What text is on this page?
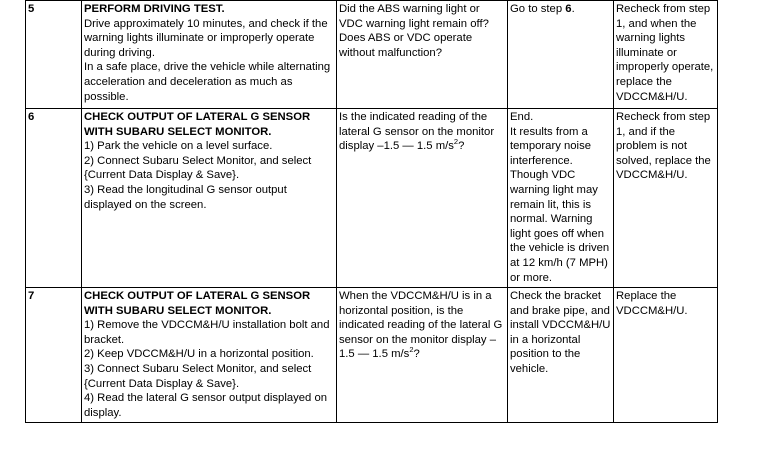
5	PERFORM DRIVING TEST.
Drive approximately 10 minutes, and check if the warning lights illuminate or improperly operate during driving.
In a safe place, drive the vehicle while alternating acceleration and deceleration as much as possible.	Did the ABS warning light or VDC warning light remain off? Does ABS or VDC operate without malfunction?	Go to step 6.	Recheck from step 1, and when the warning lights illuminate or improperly operate, replace the VDCCM&H/U.
6	CHECK OUTPUT OF LATERAL G SENSOR WITH SUBARU SELECT MONITOR.
1) Park the vehicle on a level surface.
2) Connect Subaru Select Monitor, and select {Current Data Display & Save}.
3) Read the longitudinal G sensor output displayed on the screen.	Is the indicated reading of the lateral G sensor on the monitor display –1.5 — 1.5 $m/s^2$?	End.
It results from a temporary noise interference. Though VDC warning light may remain lit, this is normal. Warning light goes off when the vehicle is driven at 12 km/h (7 MPH) or more.	Recheck from step 1, and if the problem is not solved, replace the VDCCM&H/U.
7	CHECK OUTPUT OF LATERAL G SENSOR WITH SUBARU SELECT MONITOR.
1) Remove the VDCCM&H/U installation bolt and bracket.
2) Keep VDCCM&H/U in a horizontal position.
3) Connect Subaru Select Monitor, and select {Current Data Display & Save}.
4) Read the lateral G sensor output displayed on display.	When the VDCCM&H/U is in a horizontal position, is the indicated reading of the lateral G sensor on the monitor display –1.5 — 1.5 $m/s^2$?	Check the bracket and brake pipe, and install VDCCM&H/U in a horizontal position to the vehicle.	Replace the VDCCM&H/U.
